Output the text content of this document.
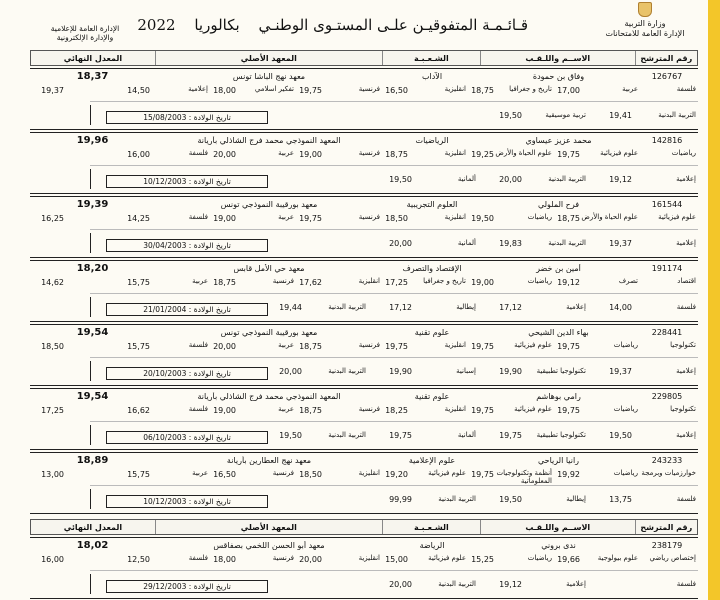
وزارة التربية
الإدارة العامة للامتحانات
قـائـمـة المتفوقيـن علـى المستـوى الوطنـي بكالوريا 2022
الإدارة العامة للإعلامية
والإدارة الإلكترونية
رقم المترشح
الاســم واللـقـب
الشـعـبـة
المعهد الأصلي
المعدل النهائي
126767
وفاق بن حمودة
الآداب
معهد نهج الباشا تونس
18,37
فلسفة
عربية
17,00
تاريخ و جغرافيا
18,75
انقليزية
16,50
فرنسية
19,75
تفكير اسلامي
18,00
إعلامية
14,50
19,37
التربية البدنية
19,41
تربية موسيقية
19,50
تاريخ الولادة : 15/08/2003
142816
محمد عزيز عيساوي
الرياضيات
المعهد النموذجي محمد فرج الشاذلي بأريانة
19,96
رياضيات
علوم فيزيائية
19,75
علوم الحياة والأرض
19,25
انقليزية
18,75
فرنسية
19,00
عربية
20,00
فلسفة
16,00
إعلامية
19,12
التربية البدنية
20,00
ألمانية
19,50
تاريخ الولادة : 10/12/2003
161544
فرح الملولي
العلوم التجريبية
معهد بورقيبة النموذجي تونس
19,39
علوم فيزيائية
علوم الحياة والأرض
18,75
رياضيات
19,50
انقليزية
18,50
فرنسية
19,75
عربية
19,00
فلسفة
14,25
16,25
إعلامية
19,37
التربية البدنية
19,83
ألمانية
20,00
تاريخ الولادة : 30/04/2003
191174
أمين بن خضر
الإقتصاد والتصرف
معهد حي الأمل قابس
18,20
اقتصاد
تصرف
19,12
رياضيات
19,00
تاريخ و جغرافيا
17,25
انقليزية
17,62
فرنسية
18,75
عربية
15,75
14,62
فلسفة
14,00
إعلامية
17,12
إيطالية
17,12
التربية البدنية
19,44
تاريخ الولادة : 21/01/2004
228441
بهاء الدين الشيحي
علوم تقنية
معهد بورقيبة النموذجي تونس
19,54
تكنولوجيا
رياضيات
19,75
علوم فيزيائية
19,75
انقليزية
19,75
فرنسية
18,75
عربية
20,00
فلسفة
15,75
18,50
إعلامية
19,37
تكنولوجيا تطبيقية
19,90
إسبانية
19,90
التربية البدنية
20,00
تاريخ الولادة : 20/10/2003
229805
رامي بوهاشم
علوم تقنية
المعهد النموذجي محمد فرج الشاذلي بأريانة
19,54
تكنولوجيا
رياضيات
19,75
علوم فيزيائية
19,75
انقليزية
18,25
فرنسية
18,75
عربية
19,00
فلسفة
16,62
17,25
إعلامية
19,50
تكنولوجيا تطبيقية
19,75
ألمانية
19,75
التربية البدنية
19,50
تاريخ الولادة : 06/10/2003
243233
رانيا الرياحي
علوم الإعلامية
معهد نهج العطارين بأريانة
18,89
خوارزميات وبرمجة
رياضيات
19,92
أنظمة وتكنولوجيات المعلوماتية
19,75
علوم فيزيائية
19,20
انقليزية
18,50
فرنسية
16,50
عربية
15,75
13,00
فلسفة
13,75
إيطالية
19,50
التربية البدنية
99,99
تاريخ الولادة : 10/12/2003
رقم المترشح
الاســم واللـقـب
الشـعـبـة
المعهد الأصلي
المعدل النهائي
238179
ندى بروني
الرياضة
معهد أبو الحسن اللخمي بصفاقس
18,02
إختصاص رياضي
علوم بيولوجية
19,66
رياضيات
15,25
علوم فيزيائية
15,00
انقليزية
20,00
فرنسية
18,00
فلسفة
12,50
16,00
فلسفة
إعلامية
19,12
التربية البدنية
20,00
تاريخ الولادة : 29/12/2003
